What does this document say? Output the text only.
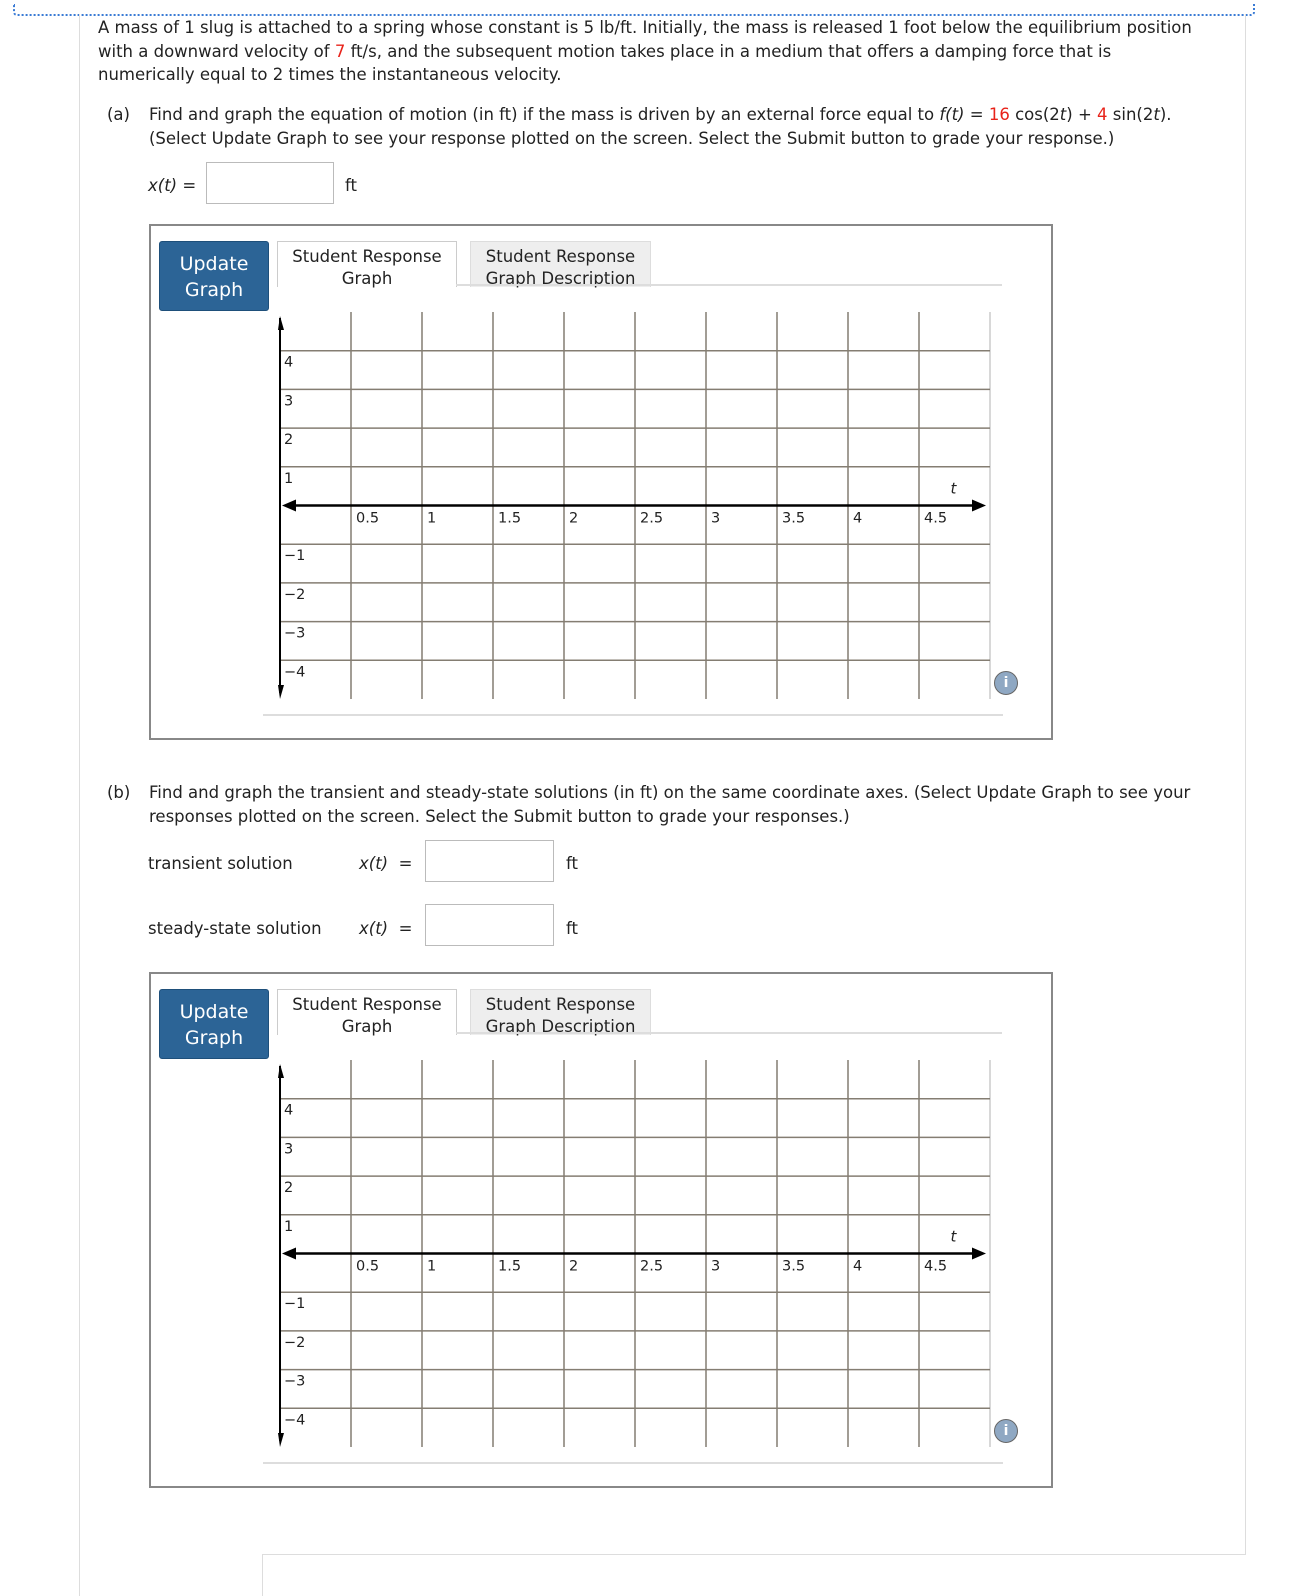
A mass of 1 slug is attached to a spring whose constant is 5 lb/ft. Initially, the mass is released 1 foot below the equilibrium position
with a downward velocity of 7 ft/s, and the subsequent motion takes place in a medium that offers a damping force that is
numerically equal to 2 times the instantaneous velocity.
(a) Find and graph the equation of motion (in ft) if the mass is driven by an external force equal to f(t) = 16 cos(2t) + 4 sin(2t).
(Select Update Graph to see your response plotted on the screen. Select the Submit button to grade your response.)
x(t) =	ft
Update
Graph
Student Response
Graph
Student Response
Graph Description
0.5	1	1.5	2	2.5	3	3.5	4	4.5
4
3
2
1
−1
−2
−3
−4
t
i
(b) Find and graph the transient and steady-state solutions (in ft) on the same coordinate axes. (Select Update Graph to see your
responses plotted on the screen. Select the Submit button to grade your responses.)
transient solution	x(t) =	ft
steady-state solution x(t) =	ft
Update
Graph
Student Response
Graph
Student Response
Graph Description
0.5	1	1.5	2	2.5	3	3.5	4	4.5
4
3
2
1
−1
−2
−3
−4
t
i
